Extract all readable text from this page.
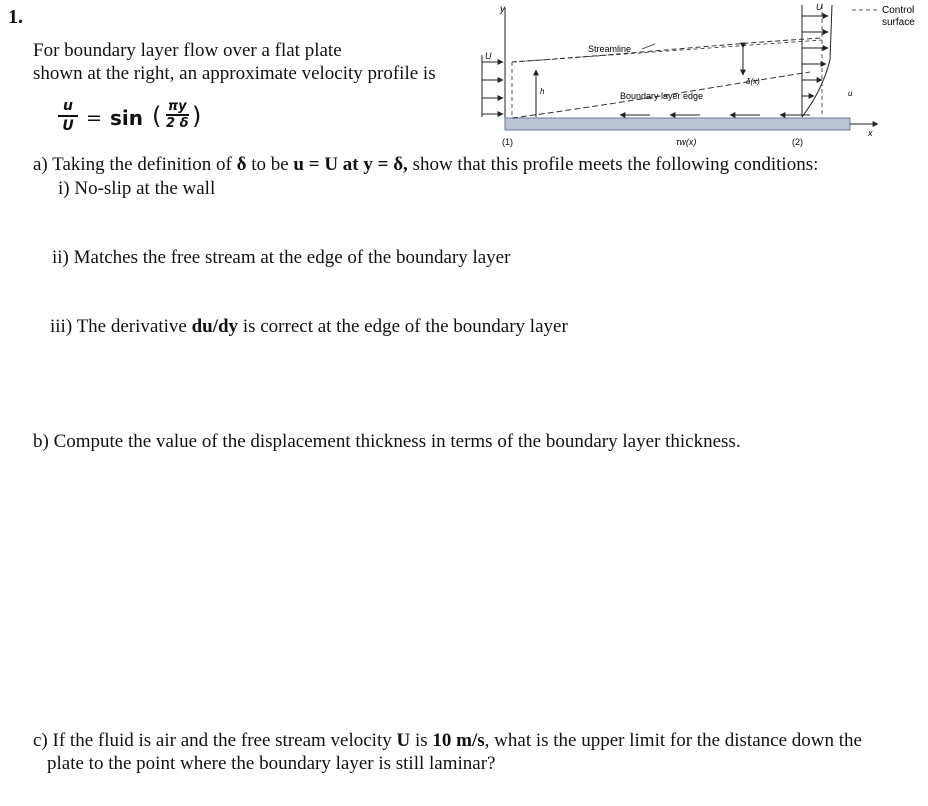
1.
For boundary layer flow over a flat plate
shown at the right, an approximate velocity profile is
u
U = sin ( πy
2 δ )
y
x
U
Streamline
Boundary layer edge
h
δ(x)
U
u
Control
surface
(1)	(2)
τw(x)
a) Taking the definition of δ to be u = U at y = δ, show that this profile meets the following conditions:
i) No-slip at the wall
ii) Matches the free stream at the edge of the boundary layer
iii) The derivative du/dy is correct at the edge of the boundary layer
b) Compute the value of the displacement thickness in terms of the boundary layer thickness.
c) If the fluid is air and the free stream velocity U is 10 m/s, what is the upper limit for the distance down the
plate to the point where the boundary layer is still laminar?
